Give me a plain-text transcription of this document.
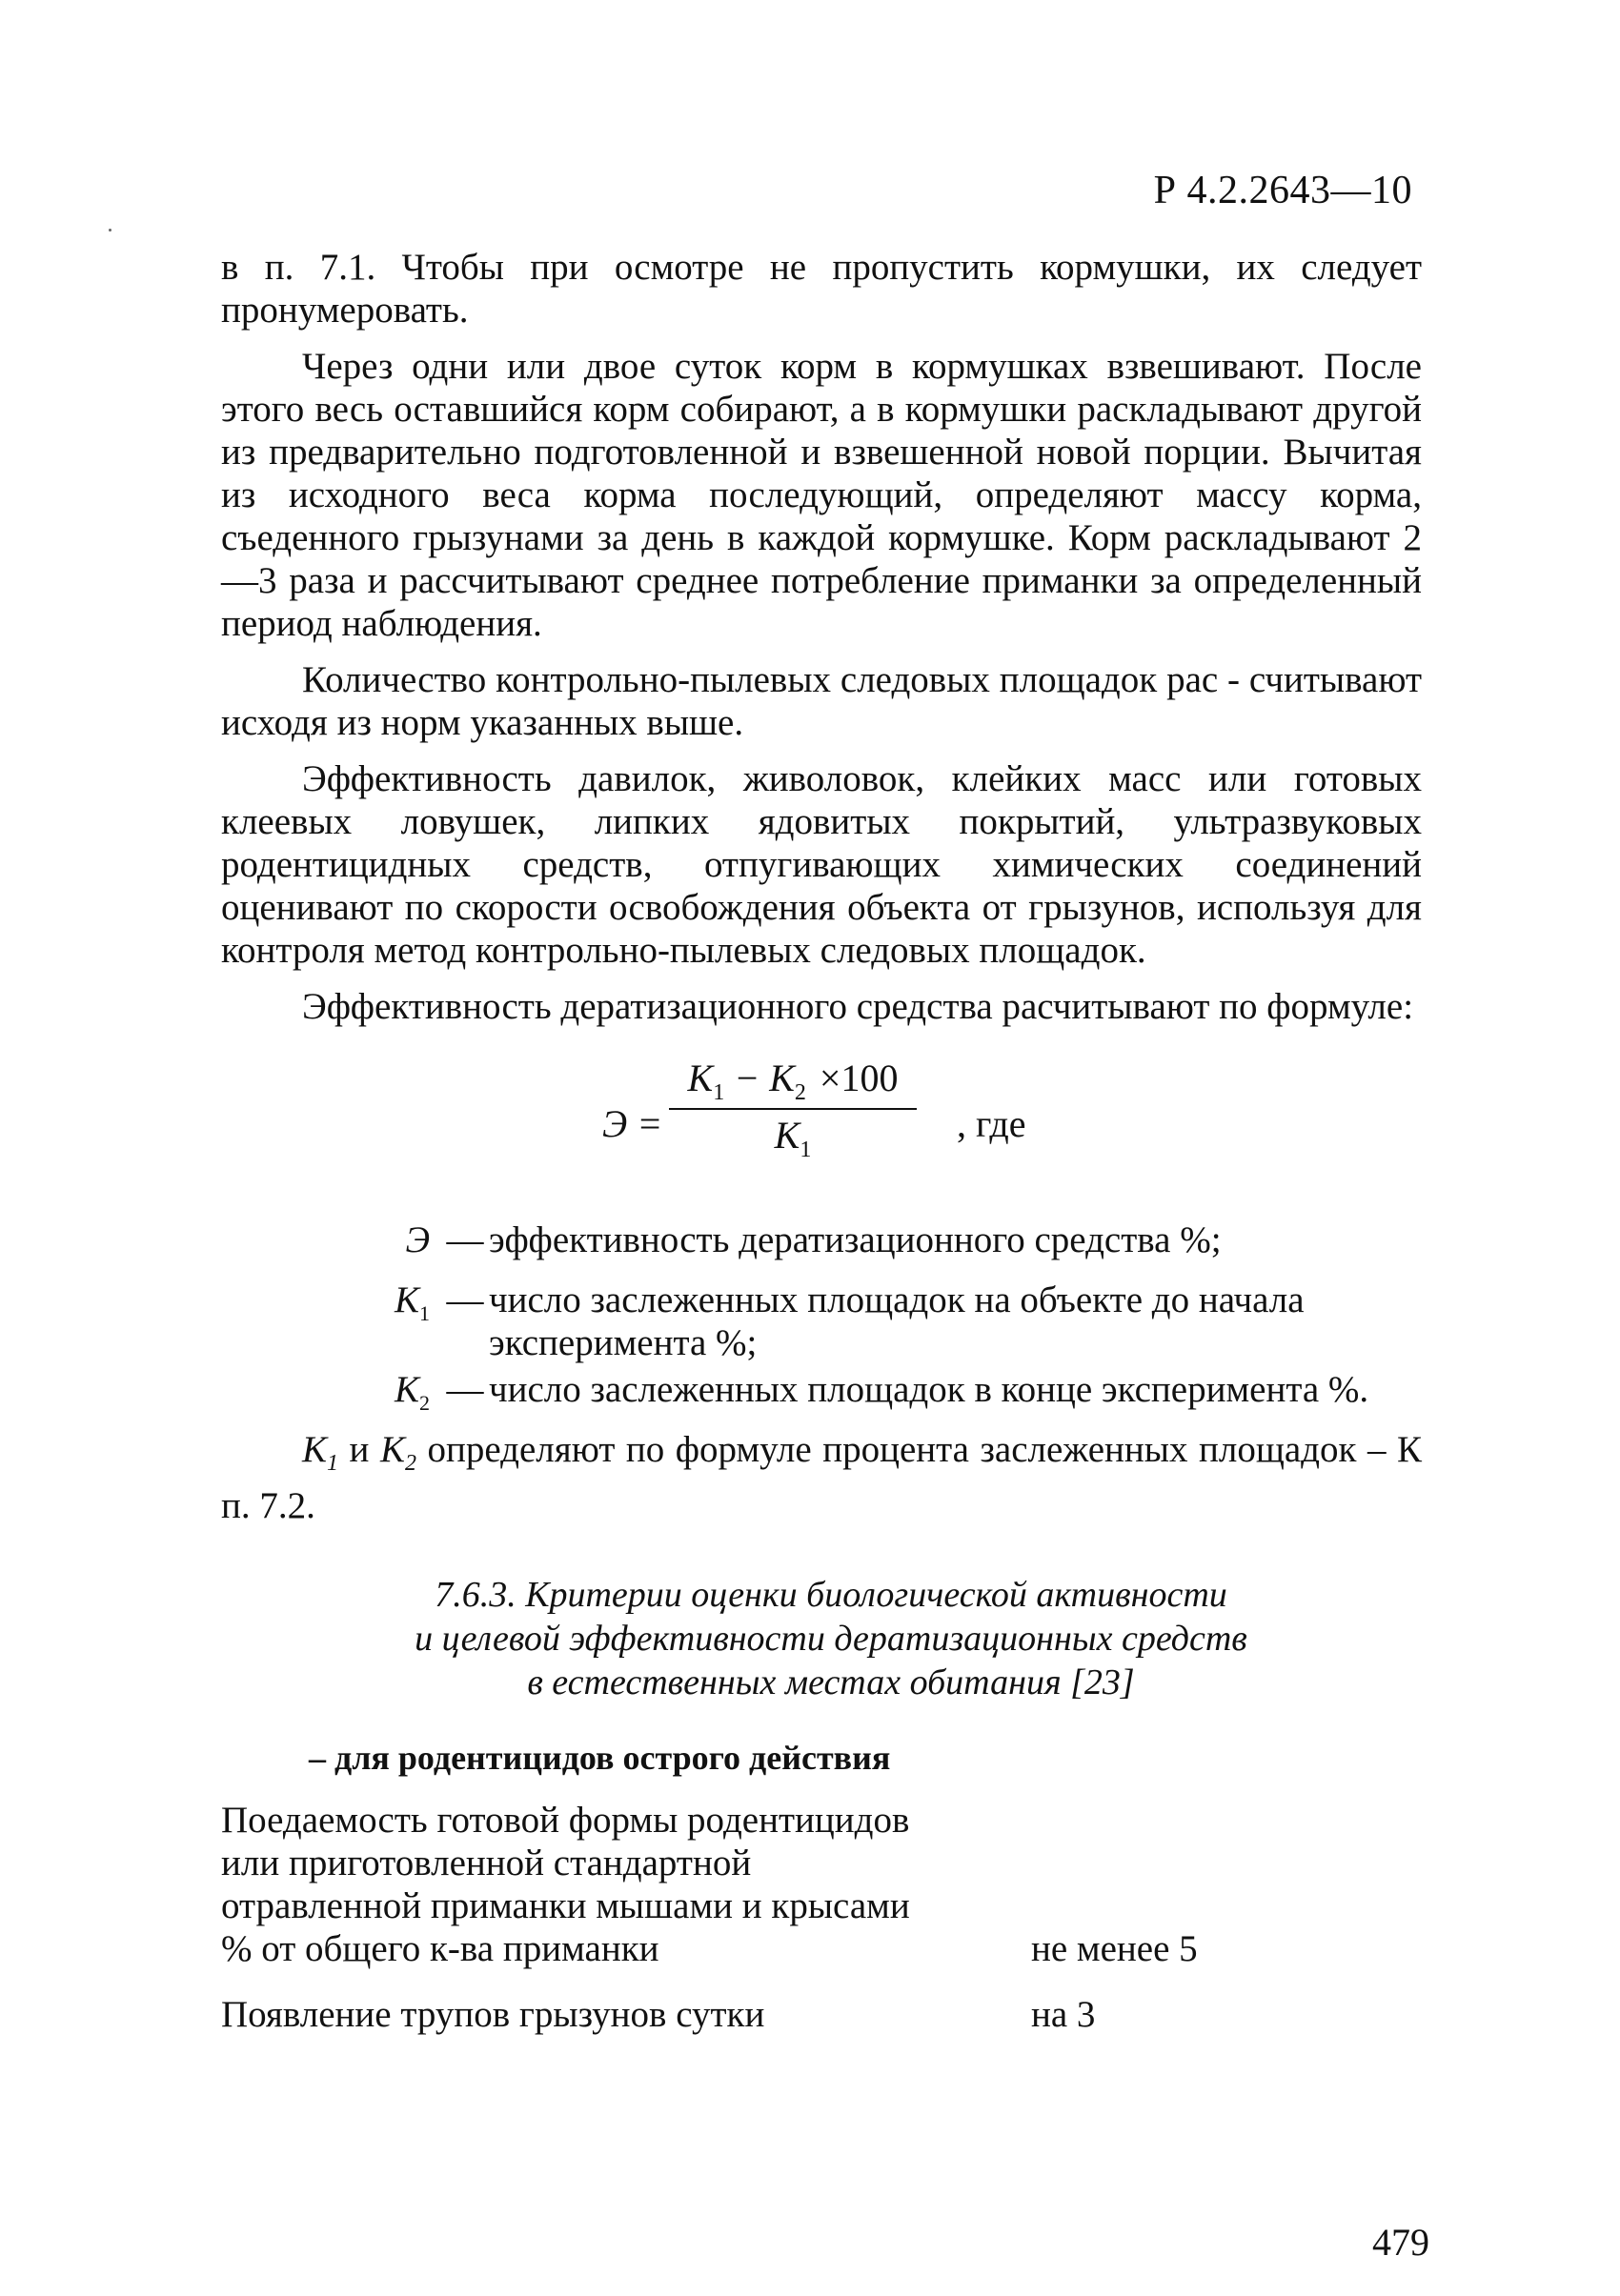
Р 4.2.2643—10

в п. 7.1. Чтобы при осмотре не пропустить кормушки, их следует пронумеровать.

Через одни или двое суток корм в кормушках взвешивают. После этого весь оставшийся корм собирают, а в кормушки раскладывают другой из предварительно подготовленной и взвешенной новой порции. Вычитая из исходного веса корма последующий, определяют массу корма, съеденного грызунами за день в каждой кормушке. Корм раскладывают 2—3 раза и рассчитывают среднее потребление приманки за определенный период наблюдения.

Количество контрольно-пылевых следовых площадок рас - считывают исходя из норм указанных выше.

Эффективность давилок, живоловок, клейких масс или готовых клеевых ловушек, липких ядовитых покрытий, ультразвуковых родентицидных средств, отпугивающих химических соединений оценивают по скорости освобождения объекта от грызунов, используя для контроля метод контрольно-пылевых следовых площадок.

Эффективность дератизационного средства расчитывают по формуле:

Э =
$K_1 - K_2 \times 100$
$K_1$
, где
Э — эффективность дератизационного средства %;
$K_1$ — число заслеженных площадок на объекте до начала эксперимента %;
$K_2$ — число заслеженных площадок в конце эксперимента %.

$K_1$ и $K_2$ определяют по формуле процента заслеженных площадок – К п. 7.2.

7.6.3. Критерии оценки биологической активности
и целевой эффективности дератизационных средств
в естественных местах обитания [23]
– для родентицидов острого действия
Поедаемость готовой формы родентицидов
или приготовленной стандартной
отравленной приманки мышами и крысами
% от общего к-ва приманки	не менее 5
Появление трупов грызунов сутки	на 3
479
